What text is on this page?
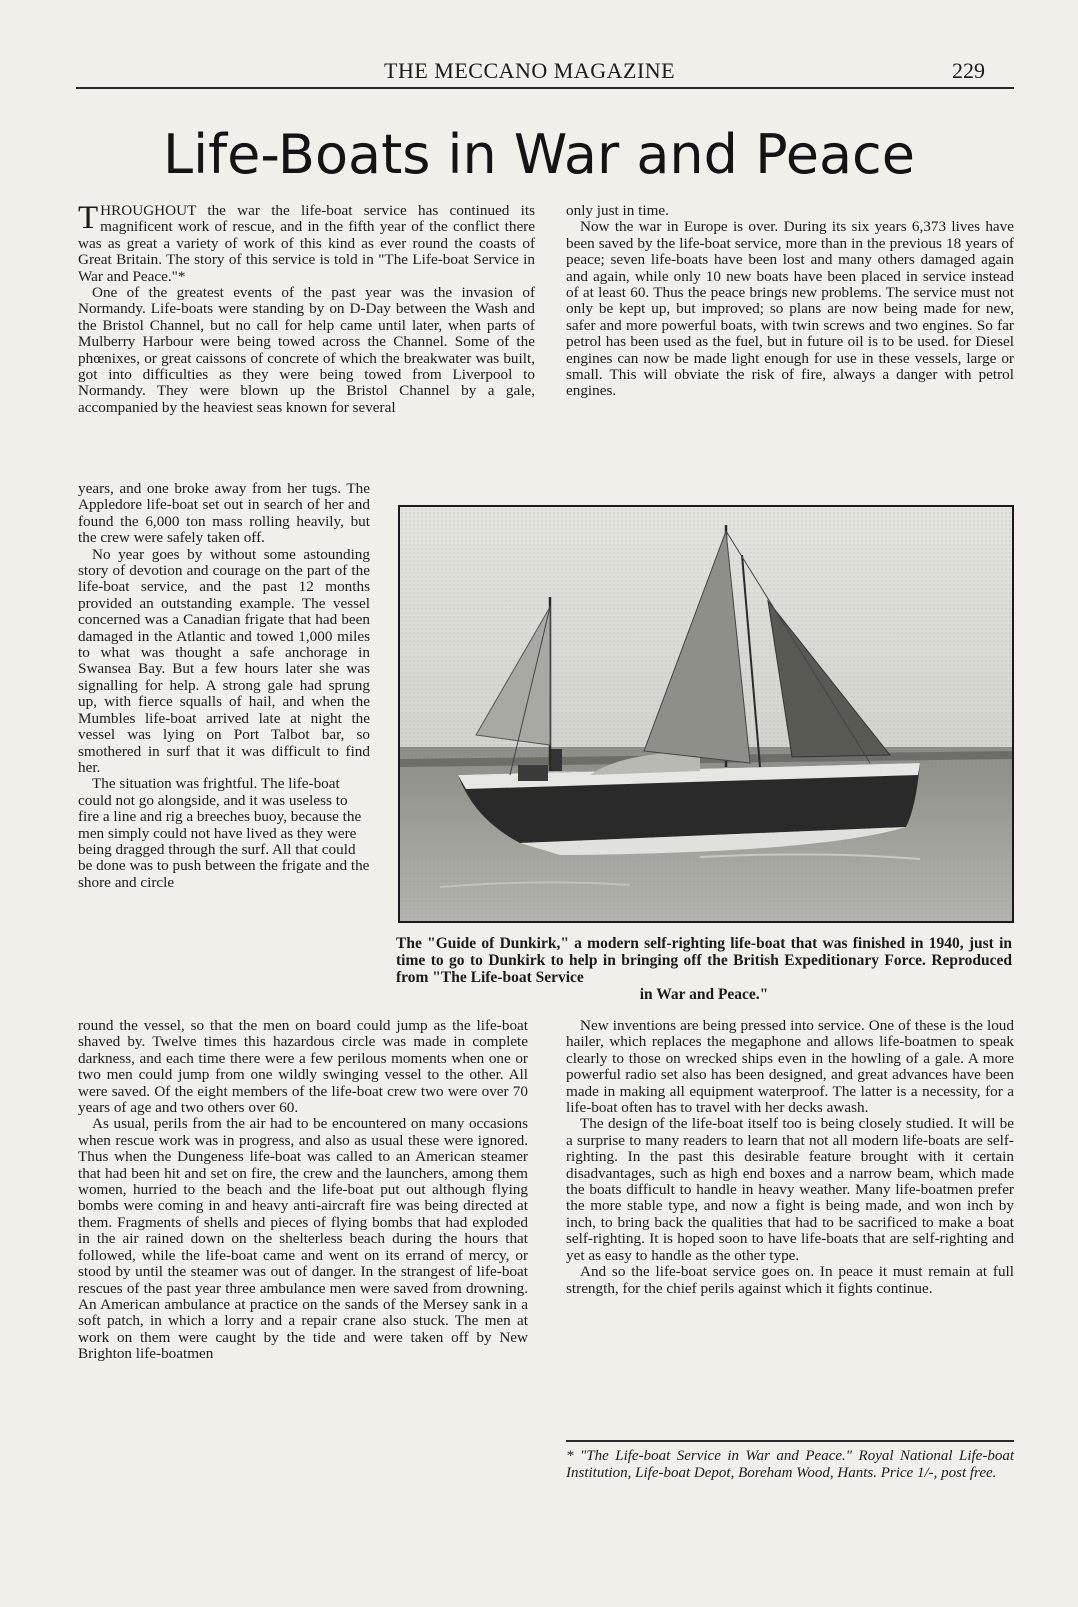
THE MECCANO MAGAZINE	229
Life-Boats in War and Peace

THROUGHOUT the war the life-boat service has continued its magnificent work of rescue, and in the fifth year of the conflict there was as great a variety of work of this kind as ever round the coasts of Great Britain. The story of this service is told in "The Life-boat Service in War and Peace."*

One of the greatest events of the past year was the invasion of Normandy. Life-boats were standing by on D-Day between the Wash and the Bristol Channel, but no call for help came until later, when parts of Mulberry Harbour were being towed across the Channel. Some of the phœnixes, or great caissons of concrete of which the breakwater was built, got into difficulties as they were being towed from Liverpool to Normandy. They were blown up the Bristol Channel by a gale, accompanied by the heaviest seas known for several

years, and one broke away from her tugs. The Appledore life-boat set out in search of her and found the 6,000 ton mass rolling heavily, but the crew were safely taken off.

No year goes by without some astounding story of devotion and courage on the part of the life-boat service, and the past 12 months provided an outstanding example. The vessel concerned was a Canadian frigate that had been damaged in the Atlantic and towed 1,000 miles to what was thought a safe anchorage in Swansea Bay. But a few hours later she was signalling for help. A strong gale had sprung up, with fierce squalls of hail, and when the Mumbles life-boat arrived late at night the vessel was lying on Port Talbot bar, so smothered in surf that it was difficult to find her.

The situation was frightful. The life-boat could not go alongside, and it was useless to fire a line and rig a breeches buoy, because the men simply could not have lived as they were being dragged through the surf. All that could be done was to push between the frigate and the shore and circle

The "Guide of Dunkirk," a modern self-righting life-boat that was finished in 1940, just in time to go to Dunkirk to help in bringing off the British Expeditionary Force. Reproduced from "The Life-boat Service
in War and Peace."

round the vessel, so that the men on board could jump as the life-boat shaved by. Twelve times this hazardous circle was made in complete darkness, and each time there were a few perilous moments when one or two men could jump from one wildly swinging vessel to the other. All were saved. Of the eight members of the life-boat crew two were over 70 years of age and two others over 60.

As usual, perils from the air had to be encountered on many occasions when rescue work was in progress, and also as usual these were ignored. Thus when the Dungeness life-boat was called to an American steamer that had been hit and set on fire, the crew and the launchers, among them women, hurried to the beach and the life-boat put out although flying bombs were coming in and heavy anti-aircraft fire was being directed at them. Fragments of shells and pieces of flying bombs that had exploded in the air rained down on the shelterless beach during the hours that followed, while the life-boat came and went on its errand of mercy, or stood by until the steamer was out of danger. In the strangest of life-boat rescues of the past year three ambulance men were saved from drowning. An American ambulance at practice on the sands of the Mersey sank in a soft patch, in which a lorry and a repair crane also stuck. The men at work on them were caught by the tide and were taken off by New Brighton life-boatmen

only just in time.

Now the war in Europe is over. During its six years 6,373 lives have been saved by the life-boat service, more than in the previous 18 years of peace; seven life-boats have been lost and many others damaged again and again, while only 10 new boats have been placed in service instead of at least 60. Thus the peace brings new problems. The service must not only be kept up, but improved; so plans are now being made for new, safer and more powerful boats, with twin screws and two engines. So far petrol has been used as the fuel, but in future oil is to be used. for Diesel engines can now be made light enough for use in these vessels, large or small. This will obviate the risk of fire, always a danger with petrol engines.

New inventions are being pressed into service. One of these is the loud hailer, which replaces the megaphone and allows life-boatmen to speak clearly to those on wrecked ships even in the howling of a gale. A more powerful radio set also has been designed, and great advances have been made in making all equipment waterproof. The latter is a necessity, for a life-boat often has to travel with her decks awash.

The design of the life-boat itself too is being closely studied. It will be a surprise to many readers to learn that not all modern life-boats are self-righting. In the past this desirable feature brought with it certain disadvantages, such as high end boxes and a narrow beam, which made the boats difficult to handle in heavy weather. Many life-boatmen prefer the more stable type, and now a fight is being made, and won inch by inch, to bring back the qualities that had to be sacrificed to make a boat self-righting. It is hoped soon to have life-boats that are self-righting and yet as easy to handle as the other type.

And so the life-boat service goes on. In peace it must remain at full strength, for the chief perils against which it fights continue.

* "The Life-boat Service in War and Peace." Royal National Life-boat Institution, Life-boat Depot, Boreham Wood, Hants. Price 1/-, post free.
